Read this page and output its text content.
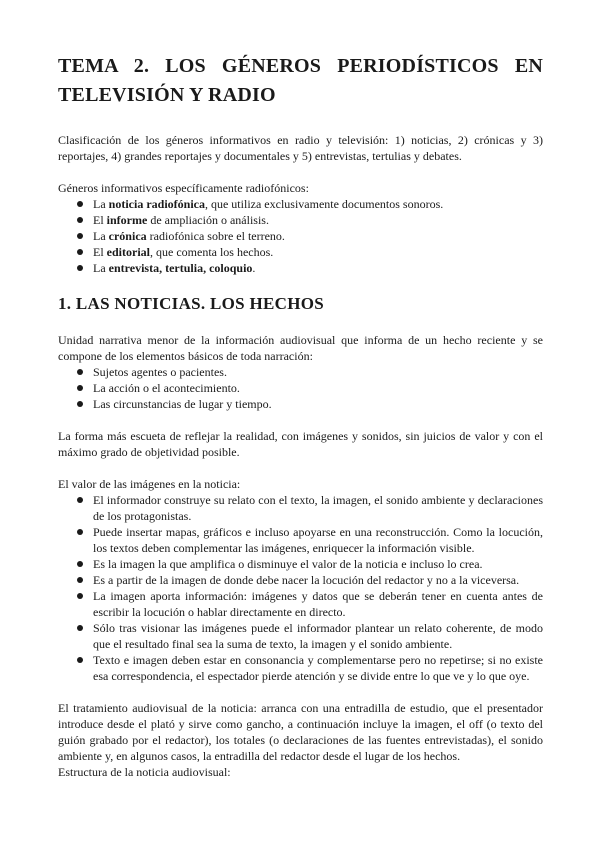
TEMA 2. LOS GÉNEROS PERIODÍSTICOS EN TELEVISIÓN Y RADIO

Clasificación de los géneros informativos en radio y televisión: 1) noticias, 2) crónicas y 3) reportajes, 4) grandes reportajes y documentales y 5) entrevistas, tertulias y debates.

Géneros informativos específicamente radiofónicos:

La noticia radiofónica, que utiliza exclusivamente documentos sonoros.
El informe de ampliación o análisis.
La crónica radiofónica sobre el terreno.
El editorial, que comenta los hechos.
La entrevista, tertulia, coloquio.
1. LAS NOTICIAS. LOS HECHOS

Unidad narrativa menor de la información audiovisual que informa de un hecho reciente y se compone de los elementos básicos de toda narración:

Sujetos agentes o pacientes.
La acción o el acontecimiento.
Las circunstancias de lugar y tiempo.

La forma más escueta de reflejar la realidad, con imágenes y sonidos, sin juicios de valor y con el máximo grado de objetividad posible.

El valor de las imágenes en la noticia:

El informador construye su relato con el texto, la imagen, el sonido ambiente y declaraciones de los protagonistas.
Puede insertar mapas, gráficos e incluso apoyarse en una reconstrucción. Como la locución, los textos deben complementar las imágenes, enriquecer la información visible.
Es la imagen la que amplifica o disminuye el valor de la noticia e incluso lo crea.
Es a partir de la imagen de donde debe nacer la locución del redactor y no a la viceversa.
La imagen aporta información: imágenes y datos que se deberán tener en cuenta antes de escribir la locución o hablar directamente en directo.
Sólo tras visionar las imágenes puede el informador plantear un relato coherente, de modo que el resultado final sea la suma de texto, la imagen y el sonido ambiente.
Texto e imagen deben estar en consonancia y complementarse pero no repetirse; si no existe esa correspondencia, el espectador pierde atención y se divide entre lo que ve y lo que oye.

El tratamiento audiovisual de la noticia: arranca con una entradilla de estudio, que el presentador introduce desde el plató y sirve como gancho, a continuación incluye la imagen, el off (o texto del guión grabado por el redactor), los totales (o declaraciones de las fuentes entrevistadas), el sonido ambiente y, en algunos casos, la entradilla del redactor desde el lugar de los hechos.

Estructura de la noticia audiovisual:
